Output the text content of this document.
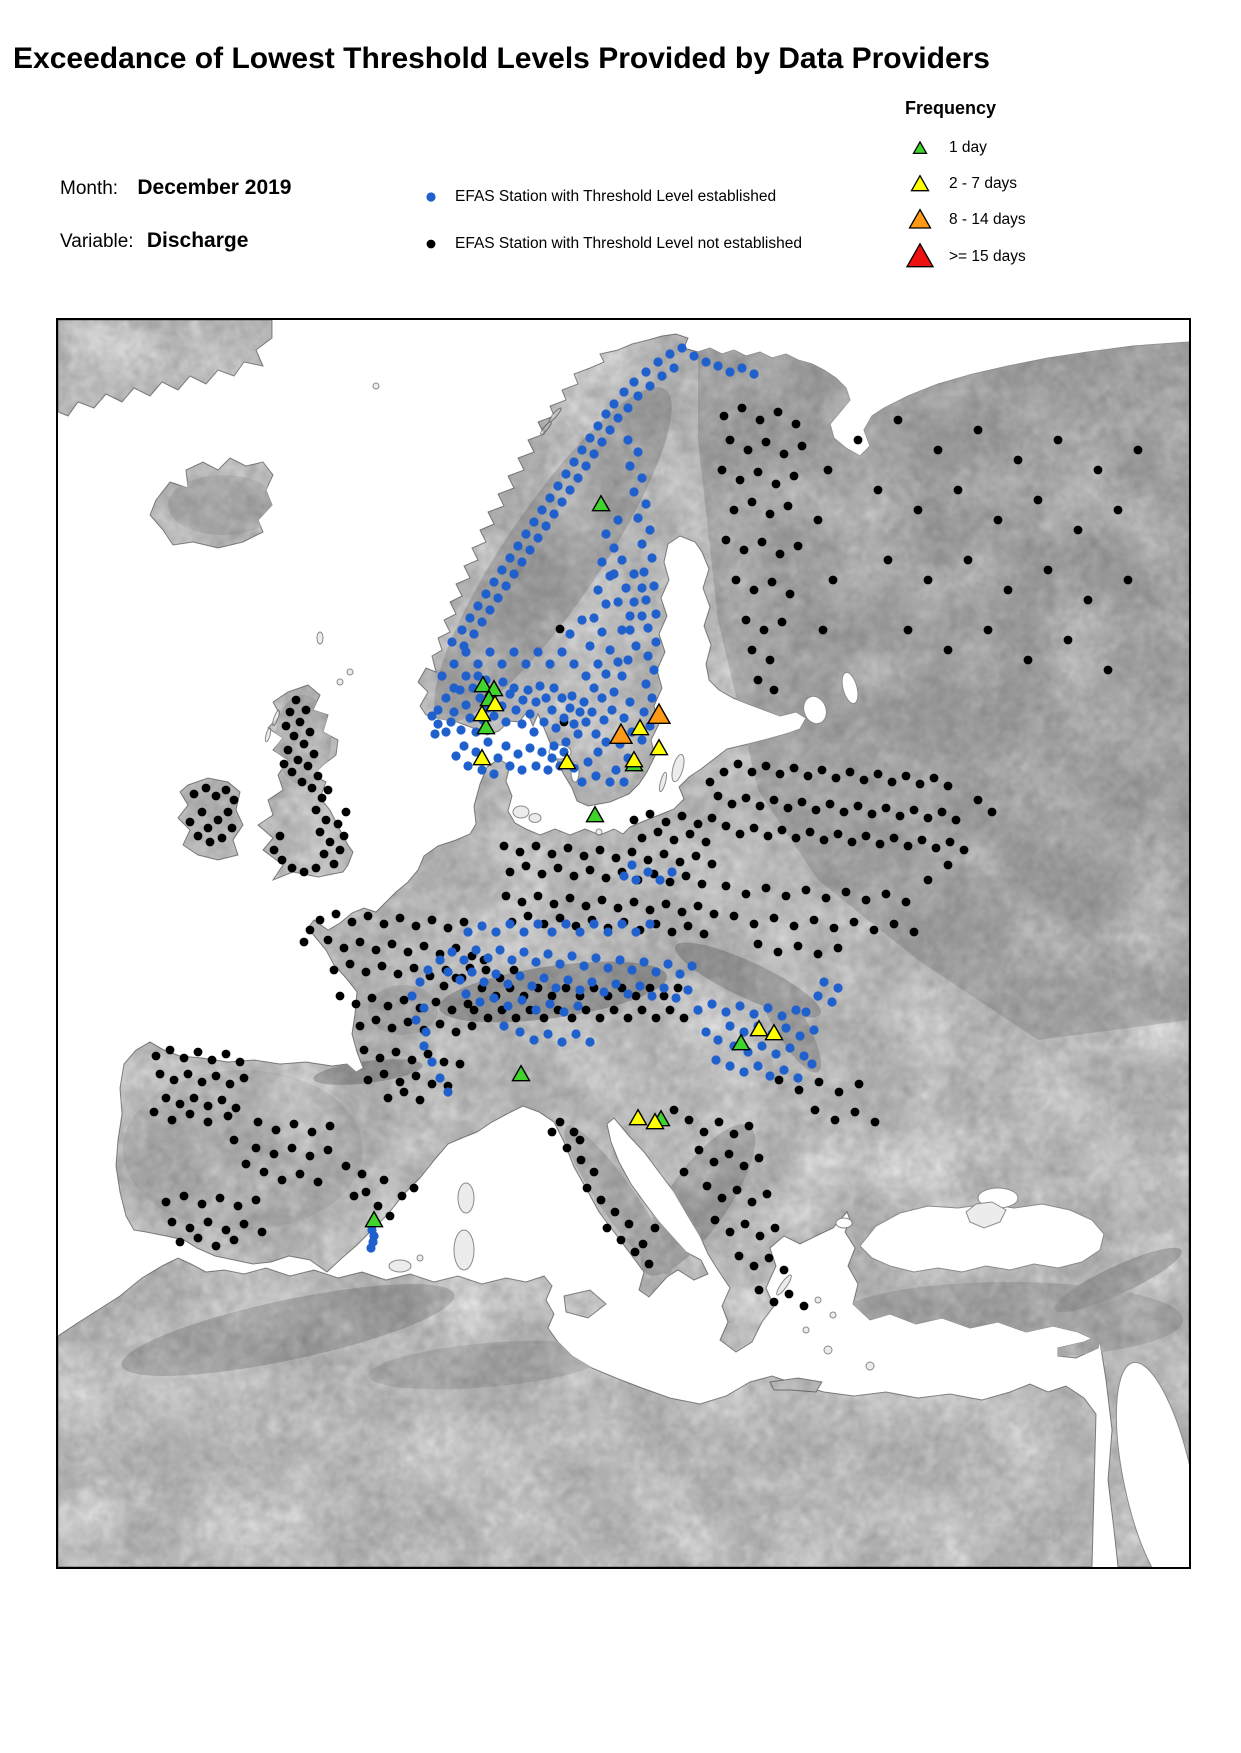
Exceedance of Lowest Threshold Levels Provided by Data Providers
Month: December 2019
Variable: Discharge
EFAS Station with Threshold Level established
EFAS Station with Threshold Level not established
Frequency
1 day
2 - 7 days
8 - 14 days
>= 15 days
